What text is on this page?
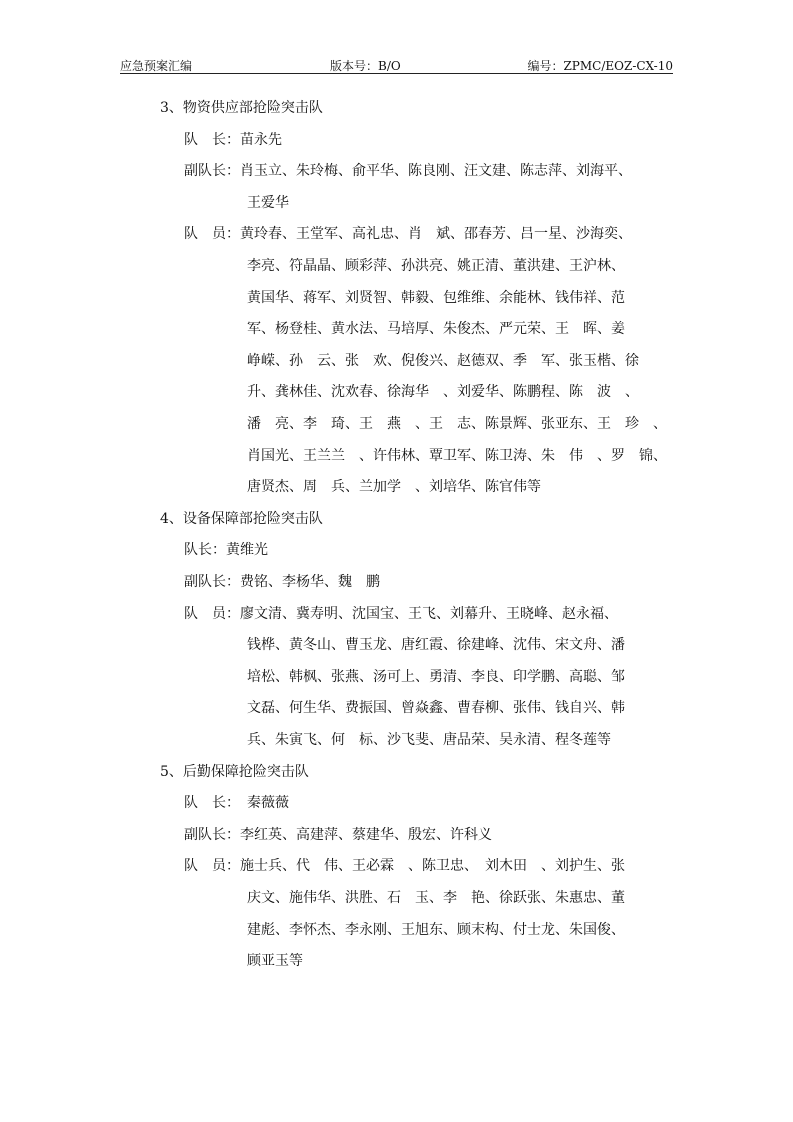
应急预案汇编	版本号：B/O	编号：ZPMC/EOZ-CX-10
3、物资供应部抢险突击队
队　长：苗永先
副队长：肖玉立、朱玲梅、俞平华、陈良刚、汪文建、陈志萍、刘海平、
王爱华
队　员：黄玲春、王堂军、高礼忠、肖　斌、邵春芳、吕一星、沙海奕、
李亮、符晶晶、顾彩萍、孙洪亮、姚正清、董洪建、王沪林、
黄国华、蒋军、刘贤智、韩毅、包维维、余能林、钱伟祥、范
军、杨登桂、黄水法、马培厚、朱俊杰、严元荣、王　晖、姜
峥嵘、孙　云、张　欢、倪俊兴、赵德双、季　军、张玉楷、徐
升、龚林佳、沈欢春、徐海华　、刘爱华、陈鹏程、陈　波　、
潘　亮、李　琦、王　燕　、王　志、陈景辉、张亚东、王　珍　、
肖国光、王兰兰　、许伟林、覃卫军、陈卫涛、朱　伟　、罗　锦、
唐贤杰、周　兵、兰加学　、刘培华、陈官伟等
4、设备保障部抢险突击队
队长：黄维光
副队长：费铭、李杨华、魏　鹏
队　员：廖文清、冀寿明、沈国宝、王飞、刘幕升、王晓峰、赵永福、
钱桦、黄冬山、曹玉龙、唐红霞、徐建峰、沈伟、宋文舟、潘
培松、韩枫、张燕、汤可上、勇清、李良、印学鹏、高聪、邹
文磊、何生华、费振国、曾焱鑫、曹春柳、张伟、钱自兴、韩
兵、朱寅飞、何　标、沙飞斐、唐品荣、吴永清、程冬莲等
5、后勤保障抢险突击队
队　长：　秦薇薇
副队长：李红英、高建萍、蔡建华、殷宏、许科义
队　员：施士兵、代　伟、王必霖　、陈卫忠、　刘木田　、刘护生、张
庆文、施伟华、洪胜、石　玉、李　艳、徐跃张、朱惠忠、董
建彪、李怀杰、李永刚、王旭东、顾末构、付士龙、朱国俊、
顾亚玉等
